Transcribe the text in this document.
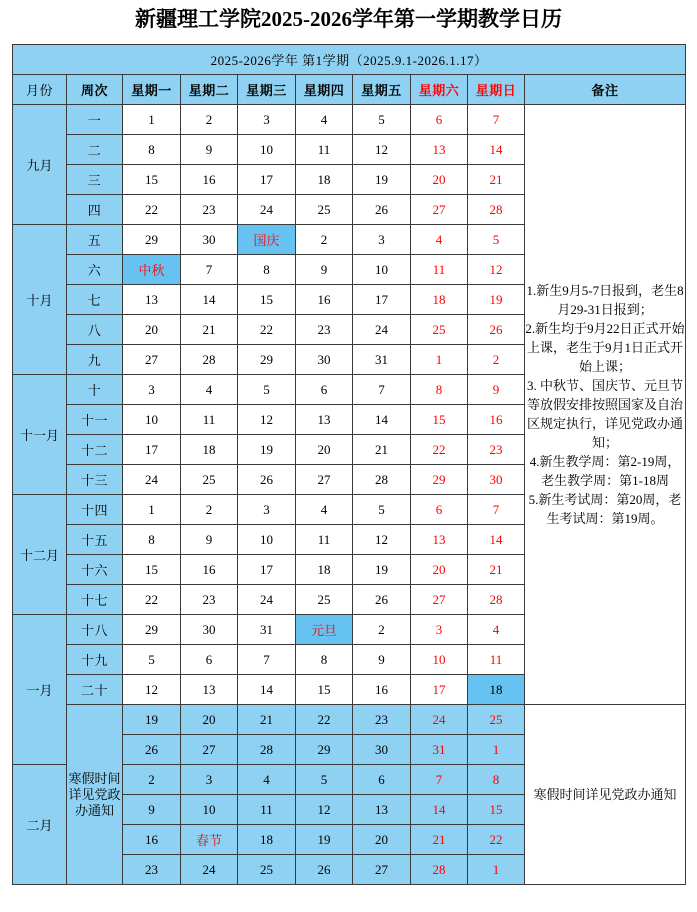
新疆理工学院2025-2026学年第一学期教学日历
2025-2026学年 第1学期（2025.9.1-2026.1.17）									
月份	周次	星期一	星期二	星期三	星期四	星期五	星期六	星期日	备注
九月	一	1	2	3	4	5	6	7	1.新生9月5-7日报到，老生8月29-31日报到；

2.新生均于9月22日正式开始上课，老生于9月1日正式开始上课；

3. 中秋节、国庆节、元旦节等放假安排按照国家及自治区规定执行，详见党政办通知；

4.新生教学周：第2-19周，老生教学周：第1-18周

5.新生考试周：第20周，老生考试周：第19周。

	二	8	9	10	11	12	13	14	
	三	15	16	17	18	19	20	21	
	四	22	23	24	25	26	27	28	
十月	五	29	30	国庆	2	3	4	5	
	六	中秋	7	8	9	10	11	12	
	七	13	14	15	16	17	18	19	
	八	20	21	22	23	24	25	26	
	九	27	28	29	30	31	1	2	
十一月	十	3	4	5	6	7	8	9	
	十一	10	11	12	13	14	15	16	
	十二	17	18	19	20	21	22	23	
	十三	24	25	26	27	28	29	30	
十二月	十四	1	2	3	4	5	6	7	
	十五	8	9	10	11	12	13	14	
	十六	15	16	17	18	19	20	21	
	十七	22	23	24	25	26	27	28	
一月	十八	29	30	31	元旦	2	3	4	
	十九	5	6	7	8	9	10	11	
	二十	12	13	14	15	16	17	18	
	寒假时间详见党政办通知	19	20	21	22	23	24	25	寒假时间详见党政办通知
		26	27	28	29	30	31	1	
二月		2	3	4	5	6	7	8	
		9	10	11	12	13	14	15	
		16	春节	18	19	20	21	22	
		23	24	25	26	27	28	1	
